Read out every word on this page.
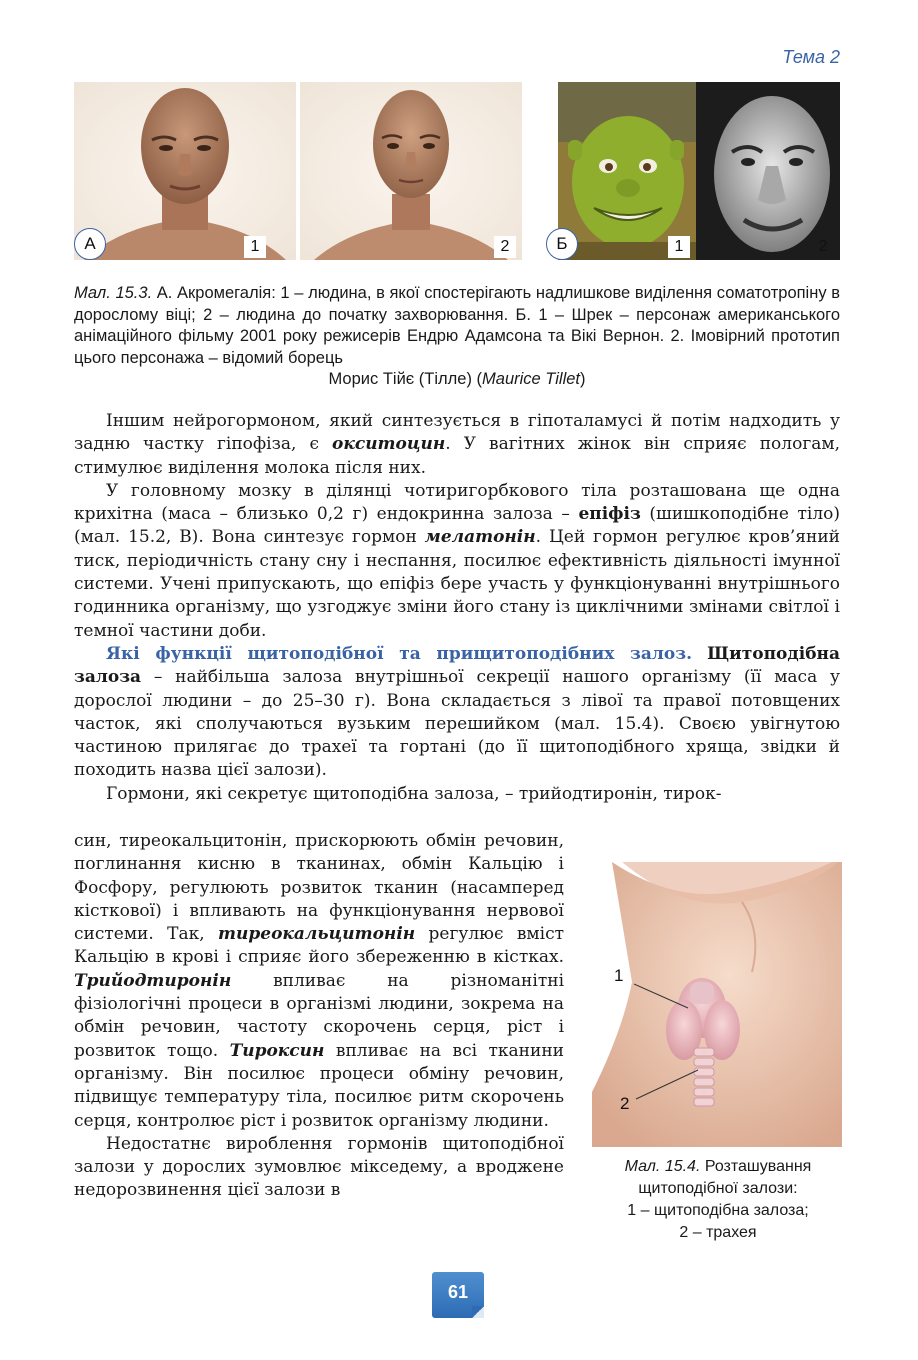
Тема 2
1
А	2	Б	1	2
Мал. 15.3. А. Акромегалія: 1 – людина, в якої спостерігають надлишкове виділення соматотропіну в дорослому віці; 2 – людина до початку захворювання. Б. 1 – Шрек – персонаж американського анімаційного фільму 2001 року режисерів Ендрю Адамсона та Вікі Вернон. 2. Імовірний прототип цього персонажа – відомий борець
Морис Тійє (Тілле) (Maurice Tillet)

Іншим нейрогормоном, який синтезується в гіпоталамусі й потім надходить у задню частку гіпофіза, є окситоцин. У вагітних жінок він сприяє пологам, стимулює виділення молока після них.

У головному мозку в ділянці чотиригорбкового тіла розташована ще одна крихітна (маса – близько 0,2 г) ендокринна залоза – епіфіз (шишкоподібне тіло) (мал. 15.2, В). Вона синтезує гормон мелатонін. Цей гормон регулює кров’яний тиск, періодичність стану сну і неспання, посилює ефективність діяльності імунної системи. Учені припускають, що епіфіз бере участь у функціонуванні внутрішнього годинника організму, що узгоджує зміни його стану із циклічними змінами світлої і темної частини доби.

Які функції щитоподібної та прищитоподібних залоз. Щитоподібна залоза – найбільша залоза внутрішньої секреції нашого організму (її маса у дорослої людини – до 25–30 г). Вона складається з лівої та правої потовщених часток, які сполучаються вузьким перешийком (мал. 15.4). Своєю увігнутою частиною прилягає до трахеї та гортані (до її щитоподібного хряща, звідки й походить назва цієї залози).

Гормони, які секретує щитоподібна залоза, – трийодтиронін, тирок-

син, тиреокальцитонін, прискорюють обмін речовин, поглинання кисню в тканинах, обмін Кальцію і Фосфору, регулюють розвиток тканин (насамперед кісткової) і впливають на функціонування нервової системи. Так, тиреокальцитонін регулює вміст Кальцію в крові і сприяє його збереженню в кістках. Трийодтиронін впливає на різноманітні фізіологічні процеси в організмі людини, зокрема на обмін речовин, частоту скорочень серця, ріст і розвиток тощо. Тироксин впливає на всі тканини організму. Він посилює процеси обміну речовин, підвищує температуру тіла, посилює ритм скорочень серця, контролює ріст і розвиток організму людини.

Недостатнє вироблення гормонів щитоподібної залози у дорослих зумовлює мікседему, а вроджене недорозвинення цієї залози в

1
2
Мал. 15.4. Розташування щитоподібної залози:
1 – щитоподібна залоза;
2 – трахея
61
